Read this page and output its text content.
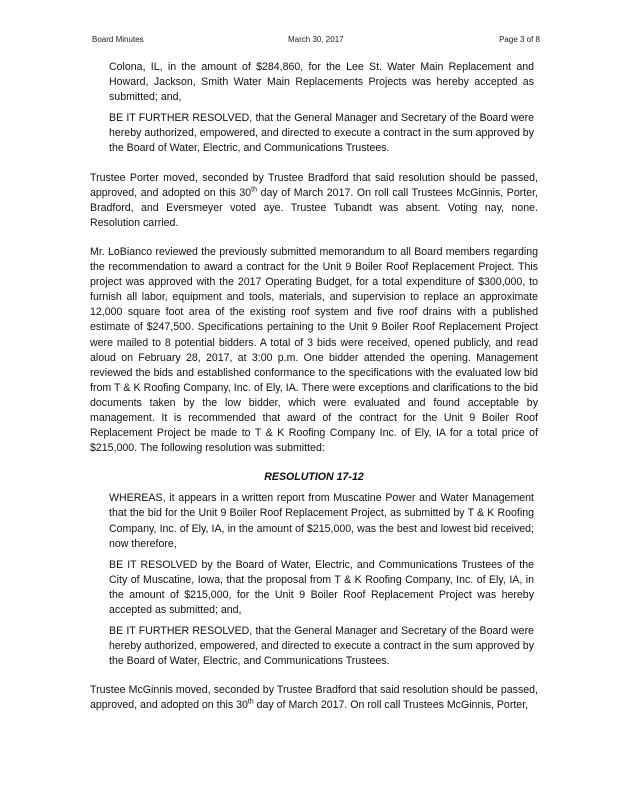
Board Minutes	March 30, 2017	Page 3 of 8

Colona, IL, in the amount of $284,860, for the Lee St. Water Main Replacement and Howard, Jackson, Smith Water Main Replacements Projects was hereby accepted as submitted; and,

BE IT FURTHER RESOLVED, that the General Manager and Secretary of the Board were hereby authorized, empowered, and directed to execute a contract in the sum approved by the Board of Water, Electric, and Communications Trustees.

Trustee Porter moved, seconded by Trustee Bradford that said resolution should be passed, approved, and adopted on this 30th day of March 2017. On roll call Trustees McGinnis, Porter, Bradford, and Eversmeyer voted aye. Trustee Tubandt was absent. Voting nay, none. Resolution carried.

Mr. LoBianco reviewed the previously submitted memorandum to all Board members regarding the recommendation to award a contract for the Unit 9 Boiler Roof Replacement Project. This project was approved with the 2017 Operating Budget, for a total expenditure of $300,000, to furnish all labor, equipment and tools, materials, and supervision to replace an approximate 12,000 square foot area of the existing roof system and five roof drains with a published estimate of $247,500. Specifications pertaining to the Unit 9 Boiler Roof Replacement Project were mailed to 8 potential bidders. A total of 3 bids were received, opened publicly, and read aloud on February 28, 2017, at 3:00 p.m. One bidder attended the opening. Management reviewed the bids and established conformance to the specifications with the evaluated low bid from T & K Roofing Company, Inc. of Ely, IA. There were exceptions and clarifications to the bid documents taken by the low bidder, which were evaluated and found acceptable by management. It is recommended that award of the contract for the Unit 9 Boiler Roof Replacement Project be made to T & K Roofing Company Inc. of Ely, IA for a total price of $215,000. The following resolution was submitted:

RESOLUTION 17-12

WHEREAS, it appears in a written report from Muscatine Power and Water Management that the bid for the Unit 9 Boiler Roof Replacement Project, as submitted by T & K Roofing Company, Inc. of Ely, IA, in the amount of $215,000, was the best and lowest bid received; now therefore,

BE IT RESOLVED by the Board of Water, Electric, and Communications Trustees of the City of Muscatine, Iowa, that the proposal from T & K Roofing Company, Inc. of Ely, IA, in the amount of $215,000, for the Unit 9 Boiler Roof Replacement Project was hereby accepted as submitted; and,

BE IT FURTHER RESOLVED, that the General Manager and Secretary of the Board were hereby authorized, empowered, and directed to execute a contract in the sum approved by the Board of Water, Electric, and Communications Trustees.

Trustee McGinnis moved, seconded by Trustee Bradford that said resolution should be passed, approved, and adopted on this 30th day of March 2017. On roll call Trustees McGinnis, Porter,
